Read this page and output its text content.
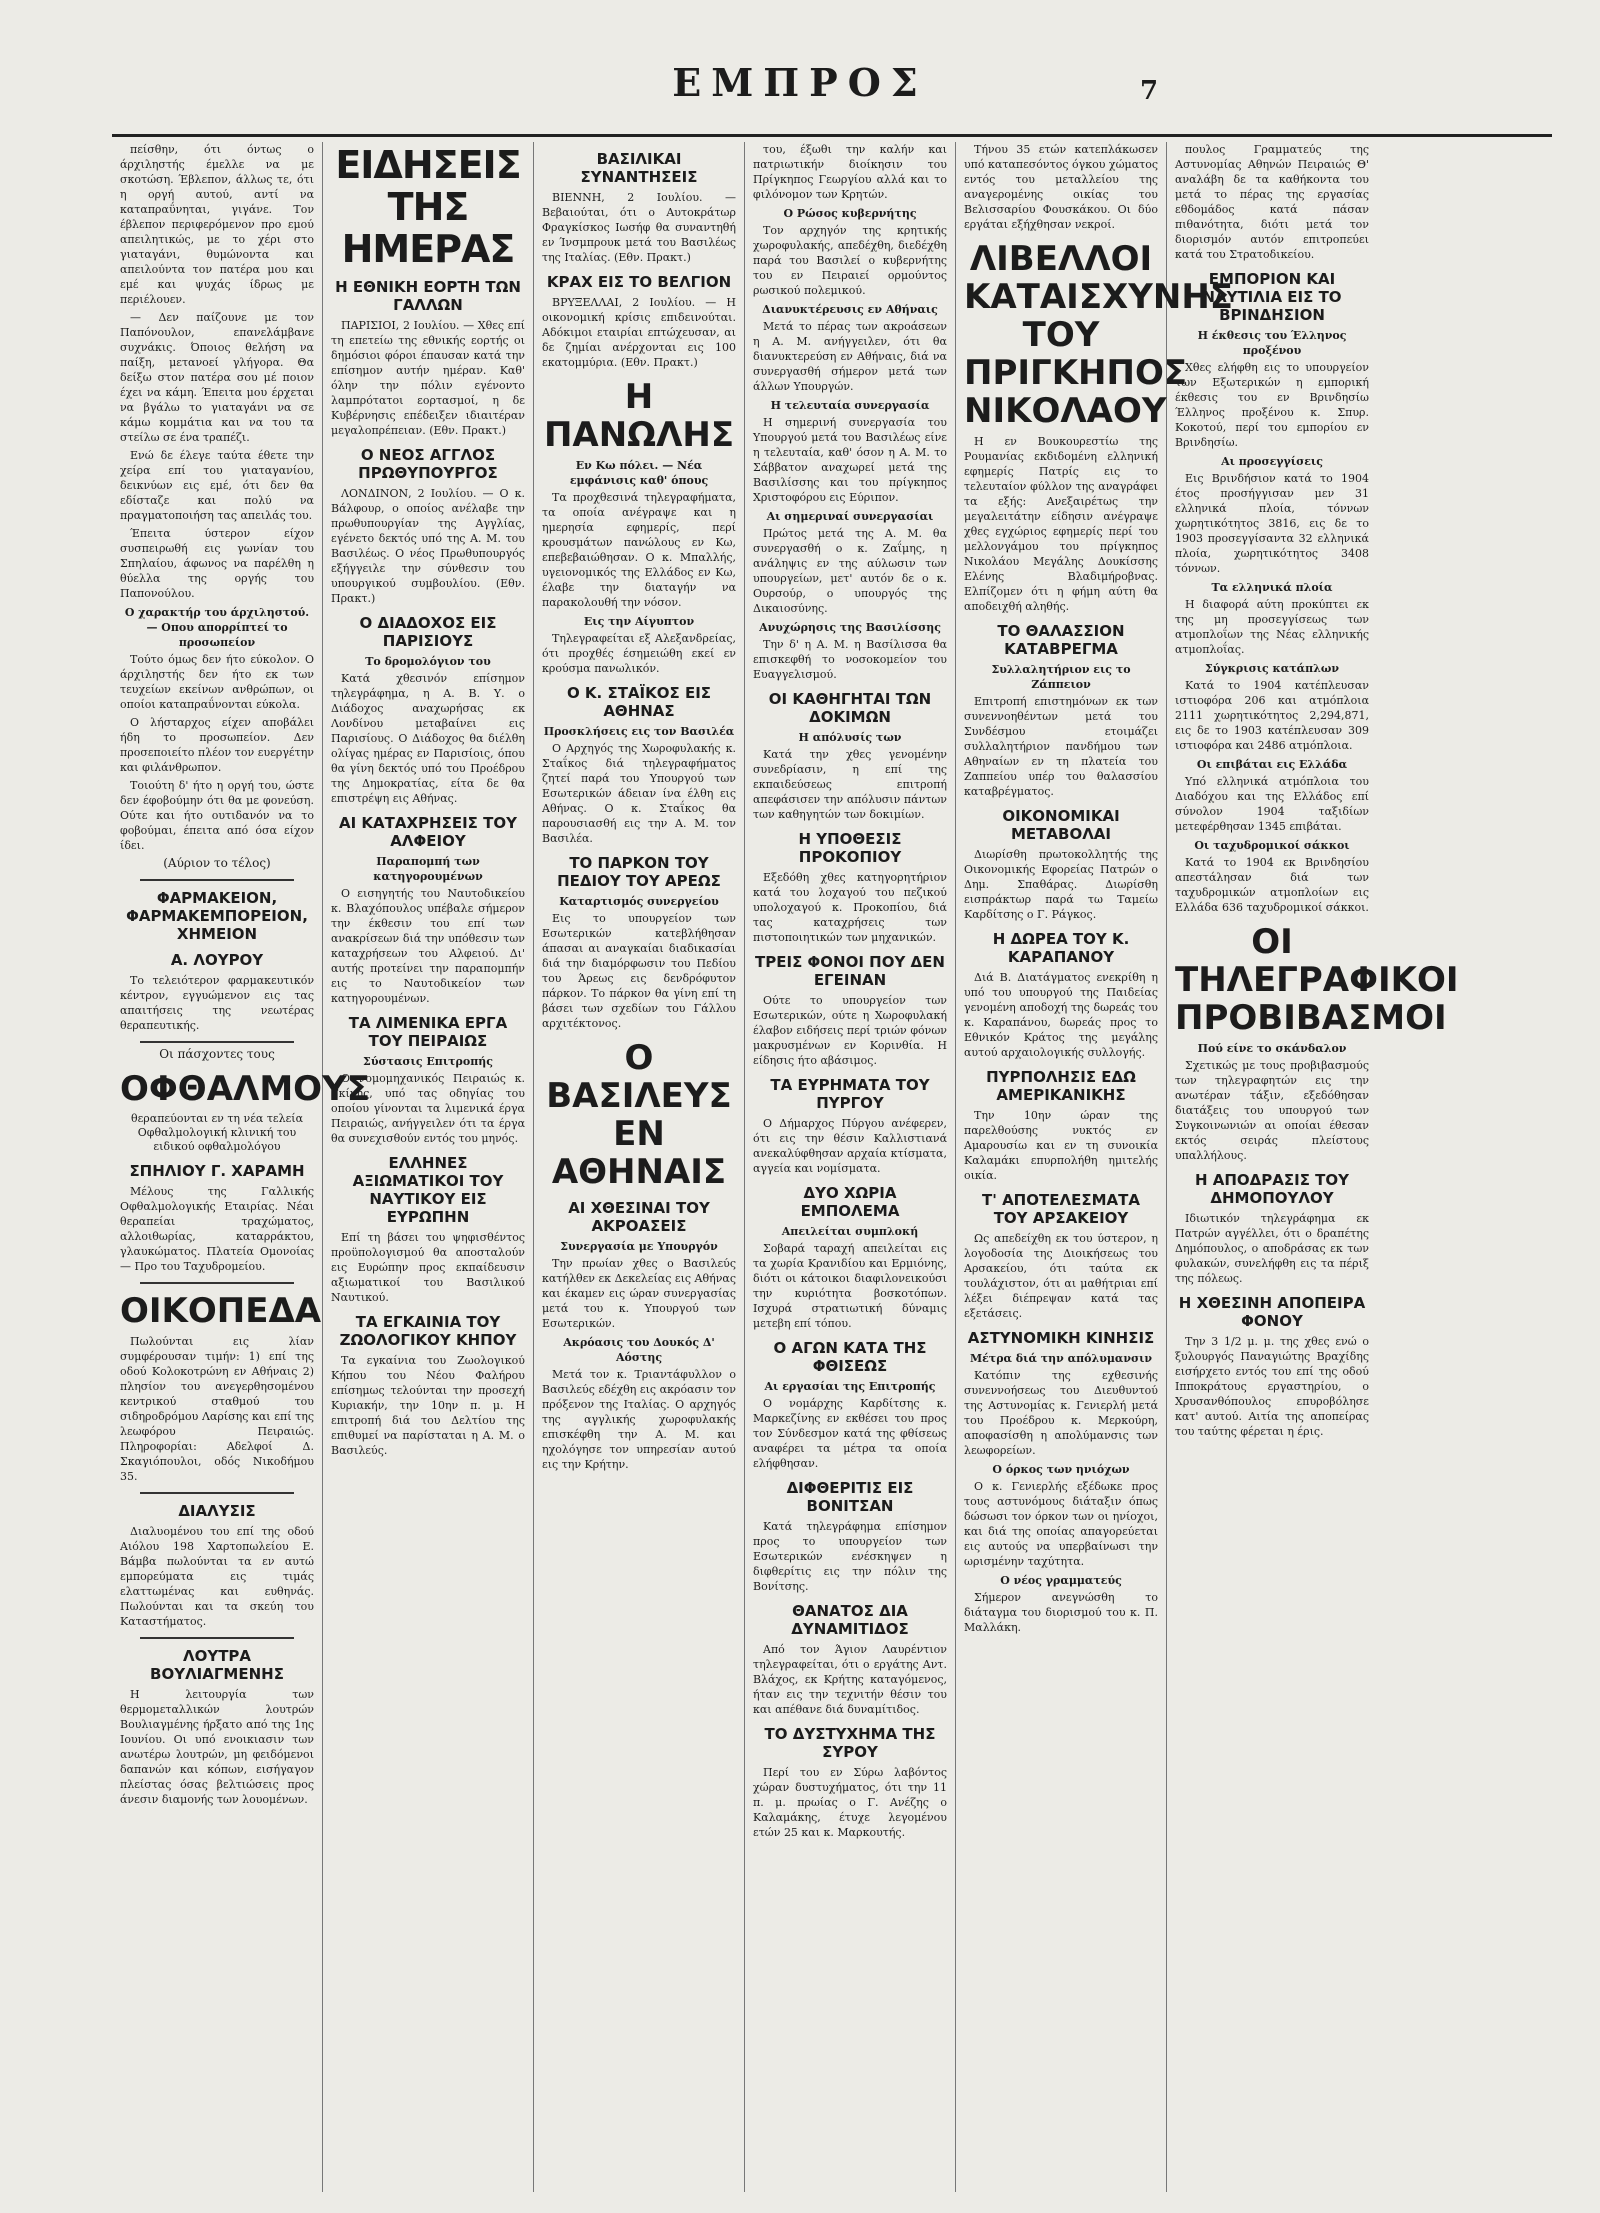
ΕΜΠΡΟΣ	7

πείσθην, ότι όντως ο άρχιληστής έμελλε να με σκοτώση. Έβλεπον, άλλως τε, ότι η οργή αυτού, αντί να καταπραΰνηται, γιγάνε. Τον έβλεπον περιφερόμενον προ εμού απειλητικώς, με το χέρι στο γιαταγάνι, θυμώνοντα και απειλούντα τον πατέρα μου και εμέ και ψυχάς ίδρως με περιέλουεν.

— Δεν παίζουνε με τον Παπόνουλον, επανελάμβανε συχνάκις. Όποιος θελήση να παίξη, μετανοεί γλήγορα. Θα δείξω στον πατέρα σου μέ ποιον έχει να κάμη. Έπειτα μου έρχεται να βγάλω το γιαταγάνι να σε κάμω κομμάτια και να του τα στείλω σε ένα τραπέζι.

Ενώ δε έλεγε ταύτα έθετε την χείρα επί του γιαταγανίου, δεικνύων εις εμέ, ότι δεν θα εδίσταζε και πολύ να πραγματοποιήση τας απειλάς του.

Έπειτα ύστερον είχον συσπειρωθή εις γωνίαν του Σπηλαίου, άφωνος να παρέλθη η θύελλα της οργής του Παπονούλου.

Ο χαρακτήρ του άρχιληστού. — Οπου απορρίπτεί το προσωπείον

Τούτο όμως δεν ήτο εύκολον. Ο άρχιληστής δεν ήτο εκ των τευχείων εκείνων ανθρώπων, οι οποίοι καταπραΰνονται εύκολα.

Ο λήσταρχος είχεν αποβάλει ήδη το προσωπείον. Δεν προσεποιείτο πλέον τον ευεργέτην και φιλάνθρωπον.

Τοιούτη δ' ήτο η οργή του, ώστε δεν έφοβούμην ότι θα με φονεύση. Ούτε και ήτο ουτιδανόν να το φοβούμαι, έπειτα από όσα είχον ίδει.

(Αύριον το τέλος)
ΦΑΡΜΑΚΕΙΟΝ, ΦΑΡΜΑΚΕΜΠΟΡΕΙΟΝ, ΧΗΜΕΙΟΝ
Α. ΛΟΥΡΟΥ

Το τελειότερον φαρμακευτικόν κέντρον, εγγυώμενον εις τας απαιτήσεις της νεωτέρας θεραπευτικής.

Οι πάσχοντες τους
ΟΦΘΑΛΜΟΥΣ
θεραπεύονται εν τη νέα τελεία Οφθαλμολογική κλινική του ειδικού οφθαλμολόγου
ΣΠΗΛΙΟΥ Γ. ΧΑΡΑΜΗ

Μέλους της Γαλλικής Οφθαλμολογικής Εταιρίας. Νέαι θεραπείαι τραχώματος, αλλοιθωρίας, καταρράκτου, γλαυκώματος. Πλατεία Ομονοίας — Προ του Ταχυδρομείου.

ΟΙΚΟΠΕΔΑ

Πωλούνται εις λίαν συμφέρουσαν τιμήν: 1) επί της οδού Κολοκοτρώνη εν Αθήναις 2) πλησίον του ανεγερθησομένου κεντρικού σταθμού του σιδηροδρόμου Λαρίσης και επί της λεωφόρου Πειραιώς. Πληροφορίαι: Αδελφοί Δ. Σκαγιόπουλοι, οδός Νικοδήμου 35.

ΔΙΑΛΥΣΙΣ

Διαλυομένου του επί της οδού Αιόλου 198 Χαρτοπωλείου Ε. Βάμβα πωλούνται τα εν αυτώ εμπορεύματα εις τιμάς ελαττωμένας και ευθηνάς. Πωλούνται και τα σκεύη του Καταστήματος.

ΛΟΥΤΡΑ ΒΟΥΛΙΑΓΜΕΝΗΣ

Η λειτουργία των θερμομεταλλικών λουτρών Βουλιαγμένης ήρξατο από της 1ης Ιουνίου. Οι υπό ενοικιασιν των ανωτέρω λουτρών, μη φειδόμενοι δαπανών και κόπων, εισήγαγον πλείστας όσας βελτιώσεις προς άνεσιν διαμονής των λουομένων.

ΕΙΔΗΣΕΙΣ ΤΗΣ ΗΜΕΡΑΣ
Η ΕΘΝΙΚΗ ΕΟΡΤΗ ΤΩΝ ΓΑΛΛΩΝ

ΠΑΡΙΣΙΟΙ, 2 Ιουλίου. — Χθες επί τη επετείω της εθνικής εορτής οι δημόσιοι φόροι έπαυσαν κατά την επίσημον αυτήν ημέραν. Καθ' όλην την πόλιν εγένοντο λαμπρότατοι εορτασμοί, η δε Κυβέρνησις επέδειξεν ιδιαιτέραν μεγαλοπρέπειαν. (Εθν. Πρακτ.)

Ο ΝΕΟΣ ΑΓΓΛΟΣ ΠΡΩΘΥΠΟΥΡΓΟΣ

ΛΟΝΔΙΝΟΝ, 2 Ιουλίου. — Ο κ. Βάλφουρ, ο οποίος ανέλαβε την πρωθυπουργίαν της Αγγλίας, εγένετο δεκτός υπό της Α. Μ. του Βασιλέως. Ο νέος Πρωθυπουργός εξήγγειλε την σύνθεσιν του υπουργικού συμβουλίου. (Εθν. Πρακτ.)

Ο ΔΙΑΔΟΧΟΣ ΕΙΣ ΠΑΡΙΣΙΟΥΣ
Το δρομολόγιον του

Κατά χθεσινόν επίσημον τηλεγράφημα, η Α. Β. Υ. ο Διάδοχος αναχωρήσας εκ Λονδίνου μεταβαίνει εις Παρισίους. Ο Διάδοχος θα διέλθη ολίγας ημέρας εν Παρισίοις, όπου θα γίνη δεκτός υπό του Προέδρου της Δημοκρατίας, είτα δε θα επιστρέψη εις Αθήνας.

ΑΙ ΚΑΤΑΧΡΗΣΕΙΣ ΤΟΥ ΑΛΦΕΙΟΥ
Παραπομπή των κατηγορουμένων

Ο εισηγητής του Ναυτοδικείου κ. Βλαχόπουλος υπέβαλε σήμερον την έκθεσιν του επί των ανακρίσεων διά την υπόθεσιν των καταχρήσεων του Αλφειού. Δι' αυτής προτείνει την παραπομπήν εις το Ναυτοδικείον των κατηγορουμένων.

ΤΑ ΛΙΜΕΝΙΚΑ ΕΡΓΑ ΤΟΥ ΠΕΙΡΑΙΩΣ
Σύστασις Επιτροπής

Ο νομομηχανικός Πειραιώς κ. Γκίνης, υπό τας οδηγίας του οποίου γίνονται τα λιμενικά έργα Πειραιώς, ανήγγειλεν ότι τα έργα θα συνεχισθούν εντός του μηνός.

ΕΛΛΗΝΕΣ ΑΞΙΩΜΑΤΙΚΟΙ ΤΟΥ ΝΑΥΤΙΚΟΥ ΕΙΣ ΕΥΡΩΠΗΝ

Επί τη βάσει του ψηφισθέντος προϋπολογισμού θα αποσταλούν εις Ευρώπην προς εκπαίδευσιν αξιωματικοί του Βασιλικού Ναυτικού.

ΤΑ ΕΓΚΑΙΝΙΑ ΤΟΥ ΖΩΟΛΟΓΙΚΟΥ ΚΗΠΟΥ

Τα εγκαίνια του Ζωολογικού Κήπου του Νέου Φαλήρου επίσημως τελούνται την προσεχή Κυριακήν, την 10ην π. μ. Η επιτροπή διά του Δελτίου της επιθυμεί να παρίσταται η Α. Μ. ο Βασιλεύς.

ΒΑΣΙΛΙΚΑΙ ΣΥΝΑΝΤΗΣΕΙΣ

ΒΙΕΝΝΗ, 2 Ιουλίου. — Βεβαιούται, ότι ο Αυτοκράτωρ Φραγκίσκος Ιωσήφ θα συναντηθή εν Ίνσμπρουκ μετά του Βασιλέως της Ιταλίας. (Εθν. Πρακτ.)

ΚΡΑΧ ΕΙΣ ΤΟ ΒΕΛΓΙΟΝ

ΒΡΥΞΕΛΛΑΙ, 2 Ιουλίου. — Η οικονομική κρίσις επιδεινούται. Αδόκιμοι εταιρίαι επτώχευσαν, αι δε ζημίαι ανέρχονται εις 100 εκατομμύρια. (Εθν. Πρακτ.)

Η ΠΑΝΩΛΗΣ
Εν Κω πόλει. — Νέα εμφάνισις καθ' όπους

Τα προχθεσινά τηλεγραφήματα, τα οποία ανέγραψε και η ημερησία εφημερίς, περί κρουσμάτων πανώλους εν Κω, επεβεβαιώθησαν. Ο κ. Μπαλλής, υγειονομικός της Ελλάδος εν Κω, έλαβε την διαταγήν να παρακολουθή την νόσον.

Εις την Αίγυπτον

Τηλεγραφείται εξ Αλεξανδρείας, ότι προχθές έσημειώθη εκεί εν κρούσμα πανωλικόν.

Ο Κ. ΣΤΑΪΚΟΣ ΕΙΣ ΑΘΗΝΑΣ
Προσκλήσεις εις τον Βασιλέα

Ο Αρχηγός της Χωροφυλακής κ. Σταΐκος διά τηλεγραφήματος ζητεί παρά του Υπουργού των Εσωτερικών άδειαν ίνα έλθη εις Αθήνας. Ο κ. Σταΐκος θα παρουσιασθή εις την Α. Μ. τον Βασιλέα.

ΤΟ ΠΑΡΚΟΝ ΤΟΥ ΠΕΔΙΟΥ ΤΟΥ ΑΡΕΩΣ
Καταρτισμός συνεργείου

Εις το υπουργείον των Εσωτερικών κατεβλήθησαν άπασαι αι αναγκαίαι διαδικασίαι διά την διαμόρφωσιν του Πεδίου του Άρεως εις δενδρόφυτον πάρκον. Το πάρκον θα γίνη επί τη βάσει των σχεδίων του Γάλλου αρχιτέκτονος.

Ο ΒΑΣΙΛΕΥΣ ΕΝ ΑΘΗΝΑΙΣ
ΑΙ ΧΘΕΣΙΝΑΙ ΤΟΥ ΑΚΡΟΑΣΕΙΣ
Συνεργασία με Υπουργόν

Την πρωίαν χθες ο Βασιλεύς κατήλθεν εκ Δεκελείας εις Αθήνας και έκαμεν εις ώραν συνεργασίας μετά του κ. Υπουργού των Εσωτερικών.

Ακρόασις του Δουκός Δ' Αόστης

Μετά τον κ. Τριαντάφυλλον ο Βασιλεύς εδέχθη εις ακρόασιν τον πρόξενον της Ιταλίας. Ο αρχηγός της αγγλικής χωροφυλακής επισκέφθη την Α. Μ. και ηχολόγησε τον υπηρεσίαν αυτού εις την Κρήτην.

του, έξωθι την καλήν και πατριωτικήν διοίκησιν του Πρίγκηπος Γεωργίου αλλά και το φιλόνομον των Κρητών.

Ο Ρώσος κυβερνήτης

Τον αρχηγόν της κρητικής χωροφυλακής, απεδέχθη, διεδέχθη παρά του Βασιλεί ο κυβερνήτης του εν Πειραιεί ορμούντος ρωσικού πολεμικού.

Διανυκτέρευσις εν Αθήναις

Μετά το πέρας των ακροάσεων η Α. Μ. ανήγγειλεν, ότι θα διανυκτερεύση εν Αθήναις, διά να συνεργασθή σήμερον μετά των άλλων Υπουργών.

Η τελευταία συνεργασία

Η σημερινή συνεργασία του Υπουργού μετά του Βασιλέως είνε η τελευταία, καθ' όσον η Α. Μ. το Σάββατον αναχωρεί μετά της Βασιλίσσης και του πρίγκηπος Χριστοφόρου εις Εύριπον.

Αι σημεριναί συνεργασίαι

Πρώτος μετά της Α. Μ. θα συνεργασθή ο κ. Ζαΐμης, η ανάληψις εν της αύλωσιν των υπουργείων, μετ' αυτόν δε ο κ. Ουρσούρ, ο υπουργός της Δικαιοσύνης.

Ανυχώρησις της Βασιλίσσης

Την δ' η Α. Μ. η Βασίλισσα θα επισκεφθή το νοσοκομείον του Ευαγγελισμού.

ΟΙ ΚΑΘΗΓΗΤΑΙ ΤΩΝ ΔΟΚΙΜΩΝ
Η απόλυσίς των

Κατά την χθες γενομένην συνεδρίασιν, η επί της εκπαιδεύσεως επιτροπή απεφάσισεν την απόλυσιν πάντων των καθηγητών των δοκιμίων.

Η ΥΠΟΘΕΣΙΣ ΠΡΟΚΟΠΙΟΥ

Εξεδόθη χθες κατηγορητήριον κατά του λοχαγού του πεζικού υπολοχαγού κ. Προκοπίου, διά τας καταχρήσεις των πιστοποιητικών των μηχανικών.

ΤΡΕΙΣ ΦΟΝΟΙ ΠΟΥ ΔΕΝ ΕΓΕΙΝΑΝ

Ούτε το υπουργείον των Εσωτερικών, ούτε η Χωροφυλακή έλαβον ειδήσεις περί τριών φόνων μακρυσμένων εν Κορινθία. Η είδησις ήτο αβάσιμος.

ΤΑ ΕΥΡΗΜΑΤΑ ΤΟΥ ΠΥΡΓΟΥ

Ο Δήμαρχος Πύργου ανέφερεν, ότι εις την θέσιν Καλλιστιανά ανεκαλύφθησαν αρχαία κτίσματα, αγγεία και νομίσματα.

ΔΥΟ ΧΩΡΙΑ ΕΜΠΟΛΕΜΑ
Απειλείται συμπλοκή

Σοβαρά ταραχή απειλείται εις τα χωρία Κρανιδίου και Ερμιόνης, διότι οι κάτοικοι διαφιλονεικούσι την κυριότητα βοσκοτόπων. Ισχυρά στρατιωτική δύναμις μετεβη επί τόπου.

Ο ΑΓΩΝ ΚΑΤΑ ΤΗΣ ΦΘΙΣΕΩΣ
Αι εργασίαι της Επιτροπής

Ο νομάρχης Καρδίτσης κ. Μαρκεζίνης εν εκθέσει του προς τον Σύνδεσμον κατά της φθίσεως αναφέρει τα μέτρα τα οποία ελήφθησαν.

ΔΙΦΘΕΡΙΤΙΣ ΕΙΣ ΒΟΝΙΤΣΑΝ

Κατά τηλεγράφημα επίσημον προς το υπουργείον των Εσωτερικών ενέσκηψεν η διφθερίτις εις την πόλιν της Βονίτσης.

ΘΑΝΑΤΟΣ ΔΙΑ ΔΥΝΑΜΙΤΙΔΟΣ

Από τον Άγιον Λαυρέντιον τηλεγραφείται, ότι ο εργάτης Αντ. Βλάχος, εκ Κρήτης καταγόμενος, ήταν εις την τεχνιτήν θέσιν του και απέθανε διά δυναμίτιδος.

ΤΟ ΔΥΣΤΥΧΗΜΑ ΤΗΣ ΣΥΡΟΥ

Περί του εν Σύρω λαβόντος χώραν δυστυχήματος, ότι την 11 π. μ. πρωίας ο Γ. Ανέζης ο Καλαμάκης, έτυχε λεγομένου ετών 25 και κ. Μαρκουτής.

Τήνου 35 ετών κατεπλάκωσεν υπό καταπεσόντος όγκου χώματος εντός του μεταλλείου της αναγερομένης οικίας του Βελισσαρίου Φουσκάκου. Οι δύο εργάται εξήχθησαν νεκροί.

ΛΙΒΕΛΛΟΙ ΚΑΤΑΙΣΧΥΝΗΣ ΤΟΥ ΠΡΙΓΚΗΠΟΣ ΝΙΚΟΛΑΟΥ

Η εν Βουκουρεστίω της Ρουμανίας εκδιδομένη ελληνική εφημερίς Πατρίς εις το τελευταίον φύλλον της αναγράφει τα εξής: Ανεξαιρέτως την μεγαλειτάτην είδησιν ανέγραψε χθες εγχώριος εφημερίς περί του μελλονγάμου του πρίγκηπος Νικολάου Μεγάλης Δουκίσσης Ελένης Βλαδιμήροβνας. Ελπίζομεν ότι η φήμη αύτη θα αποδειχθή αληθής.

ΤΟ ΘΑΛΑΣΣΙΟΝ ΚΑΤΑΒΡΕΓΜΑ
Συλλαλητήριον εις το Ζάππειον

Επιτροπή επιστημόνων εκ των συνεννοηθέντων μετά του Συνδέσμου ετοιμάζει συλλαλητήριον πανδήμου των Αθηναίων εν τη πλατεία του Ζαππείου υπέρ του θαλασσίου καταβρέγματος.

ΟΙΚΟΝΟΜΙΚΑΙ ΜΕΤΑΒΟΛΑΙ

Διωρίσθη πρωτοκολλητής της Οικονομικής Εφορείας Πατρών ο Δημ. Σπαθάρας. Διωρίσθη εισπράκτωρ παρά τω Ταμείω Καρδίτσης ο Γ. Ράγκος.

Η ΔΩΡΕΑ ΤΟΥ Κ. ΚΑΡΑΠΑΝΟΥ

Διά Β. Διατάγματος ενεκρίθη η υπό του υπουργού της Παιδείας γενομένη αποδοχή της δωρεάς του κ. Καραπάνου, δωρεάς προς το Εθνικόν Κράτος της μεγάλης αυτού αρχαιολογικής συλλογής.

ΠΥΡΠΟΛΗΣΙΣ ΕΔΩ ΑΜΕΡΙΚΑΝΙΚΗΣ

Την 10ην ώραν της παρελθούσης νυκτός εν Αμαρουσίω και εν τη συνοικία Καλαμάκι επυρπολήθη ημιτελής οικία.

Τ' ΑΠΟΤΕΛΕΣΜΑΤΑ ΤΟΥ ΑΡΣΑΚΕΙΟΥ

Ως απεδείχθη εκ του ύστερον, η λογοδοσία της Διοικήσεως του Αρσακείου, ότι ταύτα εκ τουλάχιστον, ότι αι μαθήτριαι επί λέξει διέπρεψαν κατά τας εξετάσεις.

ΑΣΤΥΝΟΜΙΚΗ ΚΙΝΗΣΙΣ
Μέτρα διά την απόλυμανσιν

Κατόπιν της εχθεσινής συνεννοήσεως του Διευθυντού της Αστυνομίας κ. Γενιερλή μετά του Προέδρου κ. Μερκούρη, αποφασίσθη η απολύμανσις των λεωφορείων.

Ο όρκος των ηνιόχων

Ο κ. Γενιερλής εξέδωκε προς τους αστυνόμους διάταξιν όπως δώσωσι τον όρκον των οι ηνίοχοι, και διά της οποίας απαγορεύεται εις αυτούς να υπερβαίνωσι την ωρισμένην ταχύτητα.

Ο νέος γραμματεύς

Σήμερον ανεγνώσθη το διάταγμα του διορισμού του κ. Π. Μαλλάκη.

πουλος Γραμματεύς της Αστυνομίας Αθηνών Πειραιώς Θ' αναλάβη δε τα καθήκοντα του μετά το πέρας της εργασίας εθδομάδος κατά πάσαν πιθανότητα, διότι μετά τον διορισμόν αυτόν επιτροπεύει κατά του Στρατοδικείου.

ΕΜΠΟΡΙΟΝ ΚΑΙ ΝΑΥΤΙΛΙΑ ΕΙΣ ΤΟ ΒΡΙΝΔΗΣΙΟΝ
Η έκθεσις του Έλληνος προξένου

Χθες ελήφθη εις το υπουργείον των Εξωτερικών η εμπορική έκθεσις του εν Βρινδησίω Έλληνος προξένου κ. Σπυρ. Κοκοτού, περί του εμπορίου εν Βρινδησίω.

Αι προσεγγίσεις

Εις Βρινδήσιον κατά το 1904 έτος προσήγγισαν μεν 31 ελληνικά πλοία, τόννων χωρητικότητος 3816, εις δε το 1903 προσεγγίσαντα 32 ελληνικά πλοία, χωρητικότητος 3408 τόννων.

Τα ελληνικά πλοία

Η διαφορά αύτη προκύπτει εκ της μη προσεγγίσεως των ατμοπλοΐων της Νέας ελληνικής ατμοπλοΐας.

Σύγκρισις κατάπλων

Κατά το 1904 κατέπλευσαν ιστιοφόρα 206 και ατμόπλοια 2111 χωρητικότητος 2,294,871, εις δε το 1903 κατέπλευσαν 309 ιστιοφόρα και 2486 ατμόπλοια.

Οι επιβάται εις Ελλάδα

Υπό ελληνικά ατμόπλοια του Διαδόχου και της Ελλάδος επί σύνολον 1904 ταξιδίων μετεφέρθησαν 1345 επιβάται.

Οι ταχυδρομικοί σάκκοι

Κατά το 1904 εκ Βρινδησίου απεστάλησαν διά των ταχυδρομικών ατμοπλοίων εις Ελλάδα 636 ταχυδρομικοί σάκκοι.

ΟΙ ΤΗΛΕΓΡΑΦΙΚΟΙ ΠΡΟΒΙΒΑΣΜΟΙ
Πού είνε το σκάνδαλον

Σχετικώς με τους προβιβασμούς των τηλεγραφητών εις την ανωτέραν τάξιν, εξεδόθησαν διατάξεις του υπουργού των Συγκοινωνιών αι οποίαι έθεσαν εκτός σειράς πλείστους υπαλλήλους.

Η ΑΠΟΔΡΑΣΙΣ ΤΟΥ ΔΗΜΟΠΟΥΛΟΥ

Ιδιωτικόν τηλεγράφημα εκ Πατρών αγγέλλει, ότι ο δραπέτης Δημόπουλος, ο αποδράσας εκ των φυλακών, συνελήφθη εις τα πέριξ της πόλεως.

Η ΧΘΕΣΙΝΗ ΑΠΟΠΕΙΡΑ ΦΟΝΟΥ

Την 3 1/2 μ. μ. της χθες ενώ ο ξυλουργός Παναγιώτης Βραχίδης εισήρχετο εντός του επί της οδού Ιπποκράτους εργαστηρίου, ο Χρυσανθόπουλος επυροβόλησε κατ' αυτού. Αιτία της αποπείρας του ταύτης φέρεται η έρις.
